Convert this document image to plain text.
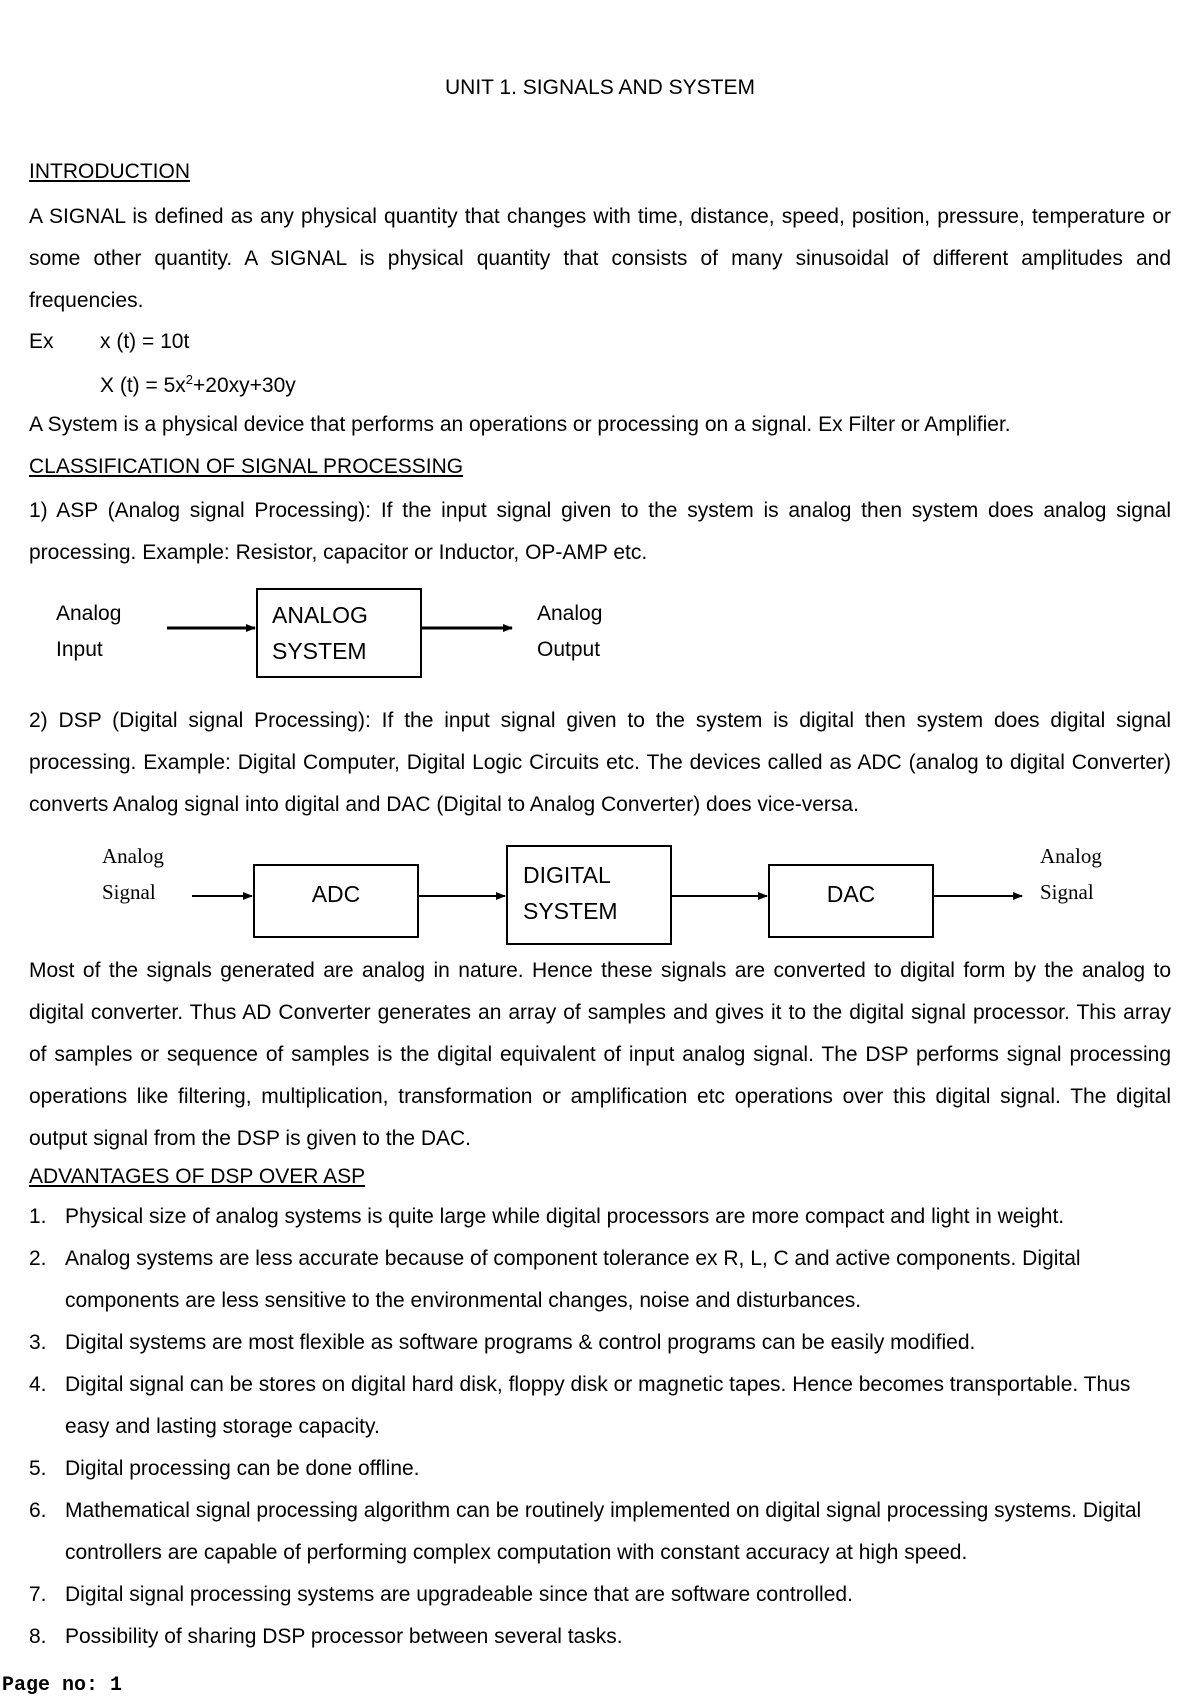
UNIT 1. SIGNALS AND SYSTEM
INTRODUCTION
A SIGNAL is defined as any physical quantity that changes with time, distance, speed, position, pressure, temperature or some other quantity. A SIGNAL is physical quantity that consists of many sinusoidal of different amplitudes and frequencies.
Ex x (t) = 10t
X $(t) = 5x^2+20xy+30y$
A System is a physical device that performs an operations or processing on a signal. Ex Filter or Amplifier.
CLASSIFICATION OF SIGNAL PROCESSING
1) ASP (Analog signal Processing): If the input signal given to the system is analog then system does analog signal processing. Example: Resistor, capacitor or Inductor, OP-AMP etc.
Analog
Input
ANALOG
SYSTEM
Analog
Output
2) DSP (Digital signal Processing): If the input signal given to the system is digital then system does digital signal processing. Example: Digital Computer, Digital Logic Circuits etc. The devices called as ADC (analog to digital Converter) converts Analog signal into digital and DAC (Digital to Analog Converter) does vice-versa.
Analog
Signal	ADC
DIGITAL
SYSTEM
DAC
Analog
Signal
Most of the signals generated are analog in nature. Hence these signals are converted to digital form by the analog to digital converter. Thus AD Converter generates an array of samples and gives it to the digital signal processor. This array of samples or sequence of samples is the digital equivalent of input analog signal. The DSP performs signal processing operations like filtering, multiplication, transformation or amplification etc operations over this digital signal. The digital output signal from the DSP is given to the DAC.
ADVANTAGES OF DSP OVER ASP
1. Physical size of analog systems is quite large while digital processors are more compact and light in weight.
2. Analog systems are less accurate because of component tolerance ex R, L, C and active components. Digital components are less sensitive to the environmental changes, noise and disturbances.
3. Digital systems are most flexible as software programs & control programs can be easily modified.
4. Digital signal can be stores on digital hard disk, floppy disk or magnetic tapes. Hence becomes transportable. Thus easy and lasting storage capacity.
5. Digital processing can be done offline.
6. Mathematical signal processing algorithm can be routinely implemented on digital signal processing systems. Digital controllers are capable of performing complex computation with constant accuracy at high speed.
7. Digital signal processing systems are upgradeable since that are software controlled.
8. Possibility of sharing DSP processor between several tasks.
Page no: 1
